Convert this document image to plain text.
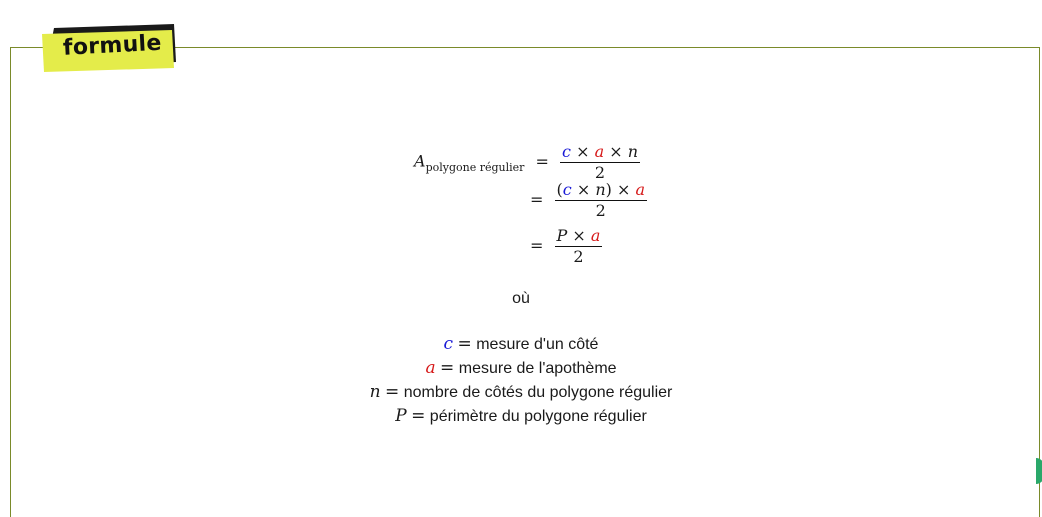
formule
$A_{polygone régulier} = \frac{c \times a \times n}{2}$
= $\frac{(c \times n) \times a}{2}$
= $\frac{P \times a}{2}$
où
c = mesure d'un côté
a = mesure de l'apothème
n = nombre de côtés du polygone régulier
P = périmètre du polygone régulier
